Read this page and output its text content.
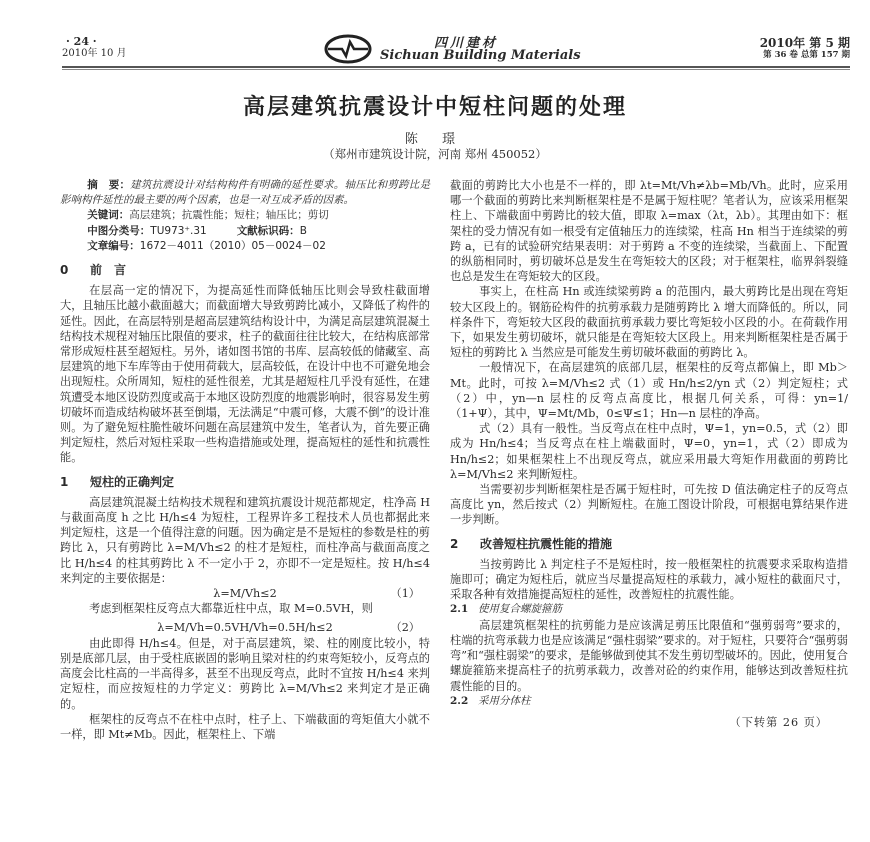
· 24 ·
2010年 10 月
四川建材
Sichuan Building Materials
2010年 第 5 期
第 36 卷 总第 157 期
高层建筑抗震设计中短柱问题的处理
陈 璟
（郑州市建筑设计院，河南 郑州 450052）

摘　要：建筑抗震设计对结构构件有明确的延性要求。轴压比和剪跨比是影响构件延性的最主要的两个因素，也是一对互成矛盾的因素。

关键词：高层建筑；抗震性能；短柱；轴压比；剪切

中图分类号：TU973⁺.31	文献标识码：B

文章编号：1672－4011（2010）05－0024－02

0 前　言

在层高一定的情况下，为提高延性而降低轴压比则会导致柱截面增大，且轴压比越小截面越大；而截面增大导致剪跨比减小，又降低了构件的延性。因此，在高层特别是超高层建筑结构设计中，为满足高层建筑混凝土结构技术规程对轴压比限值的要求，柱子的截面往往比较大，在结构底部常常形成短柱甚至超短柱。另外，诸如图书馆的书库、层高较低的储藏室、高层建筑的地下车库等由于使用荷载大，层高较低，在设计中也不可避免地会出现短柱。众所周知，短柱的延性很差，尤其是超短柱几乎没有延性，在建筑遭受本地区设防烈度或高于本地区设防烈度的地震影响时，很容易发生剪切破坏而造成结构破坏甚至倒塌，无法满足“中震可修，大震不倒”的设计准则。为了避免短柱脆性破坏问题在高层建筑中发生，笔者认为，首先要正确判定短柱，然后对短柱采取一些构造措施或处理，提高短柱的延性和抗震性能。

1 短柱的正确判定

高层建筑混凝土结构技术规程和建筑抗震设计规范都规定，柱净高 H 与截面高度 h 之比 H/h≤4 为短柱，工程界许多工程技术人员也都据此来判定短柱，这是一个值得注意的问题。因为确定是不是短柱的参数是柱的剪跨比 λ，只有剪跨比 λ=M/Vh≤2 的柱才是短柱，而柱净高与截面高度之比 H/h≤4 的柱其剪跨比 λ 不一定小于 2，亦即不一定是短柱。按 H/h≤4 来判定的主要依据是：

λ=M/Vh≤2	（1）

考虑到框架柱反弯点大都靠近柱中点，取 M=0.5VH，则

λ=M/Vh=0.5VH/Vh=0.5H/h≤2	（2）

由此即得 H/h≤4。但是，对于高层建筑，梁、柱的刚度比较小，特别是底部几层，由于受柱底嵌固的影响且梁对柱的约束弯矩较小，反弯点的高度会比柱高的一半高得多，甚至不出现反弯点，此时不宜按 H/h≤4 来判定短柱，而应按短柱的力学定义：剪跨比 λ=M/Vh≤2 来判定才是正确的。

框架柱的反弯点不在柱中点时，柱子上、下端截面的弯矩值大小就不一样，即 Mt≠Mb。因此，框架柱上、下端

截面的剪跨比大小也是不一样的，即 λt=Mt/Vh≠λb=Mb/Vh。此时，应采用哪一个截面的剪跨比来判断框架柱是不是属于短柱呢？笔者认为，应该采用框架柱上、下端截面中剪跨比的较大值，即取 λ=max（λt，λb）。其理由如下：框架柱的受力情况有如一根受有定值轴压力的连续梁，柱高 Hn 相当于连续梁的剪跨 a，已有的试验研究结果表明：对于剪跨 a 不变的连续梁，当截面上、下配置的纵筋相同时，剪切破坏总是发生在弯矩较大的区段；对于框架柱，临界斜裂缝也总是发生在弯矩较大的区段。

事实上，在柱高 Hn 或连续梁剪跨 a 的范围内，最大剪跨比是出现在弯矩较大区段上的。钢筋砼构件的抗剪承载力是随剪跨比 λ 增大而降低的。所以，同样条件下，弯矩较大区段的截面抗剪承载力要比弯矩较小区段的小。在荷载作用下，如果发生剪切破坏，就只能是在弯矩较大区段上。用来判断框架柱是否属于短柱的剪跨比 λ 当然应是可能发生剪切破坏截面的剪跨比 λ。

一般情况下，在高层建筑的底部几层，框架柱的反弯点都偏上，即 Mb＞Mt。此时，可按 λ=M/Vh≤2 式（1）或 Hn/h≤2/yn 式（2）判定短柱；式（2）中，yn—n 层柱的反弯点高度比，根据几何关系，可得：yn=1/（1+Ψ），其中，Ψ=Mt/Mb，0≤Ψ≤1；Hn—n 层柱的净高。

式（2）具有一般性。当反弯点在柱中点时，Ψ=1，yn=0.5，式（2）即成为 Hn/h≤4；当反弯点在柱上端截面时，Ψ=0，yn=1，式（2）即成为 Hn/h≤2；如果框架柱上不出现反弯点，就应采用最大弯矩作用截面的剪跨比 λ=M/Vh≤2 来判断短柱。

当需要初步判断框架柱是否属于短柱时，可先按 D 值法确定柱子的反弯点高度比 yn，然后按式（2）判断短柱。在施工图设计阶段，可根据电算结果作进一步判断。

2 改善短柱抗震性能的措施

当按剪跨比 λ 判定柱子不是短柱时，按一般框架柱的抗震要求采取构造措施即可；确定为短柱后，就应当尽量提高短柱的承载力，减小短柱的截面尺寸，采取各种有效措施提高短柱的延性，改善短柱的抗震性能。

2.1 使用复合螺旋箍筋

高层建筑框架柱的抗剪能力是应该满足剪压比限值和“强剪弱弯”要求的，柱端的抗弯承载力也是应该满足“强柱弱梁”要求的。对于短柱，只要符合“强剪弱弯”和“强柱弱梁”的要求，是能够做到使其不发生剪切型破坏的。因此，使用复合螺旋箍筋来提高柱子的抗剪承载力，改善对砼的约束作用，能够达到改善短柱抗震性能的目的。

2.2 采用分体柱

（下转第 26 页）
